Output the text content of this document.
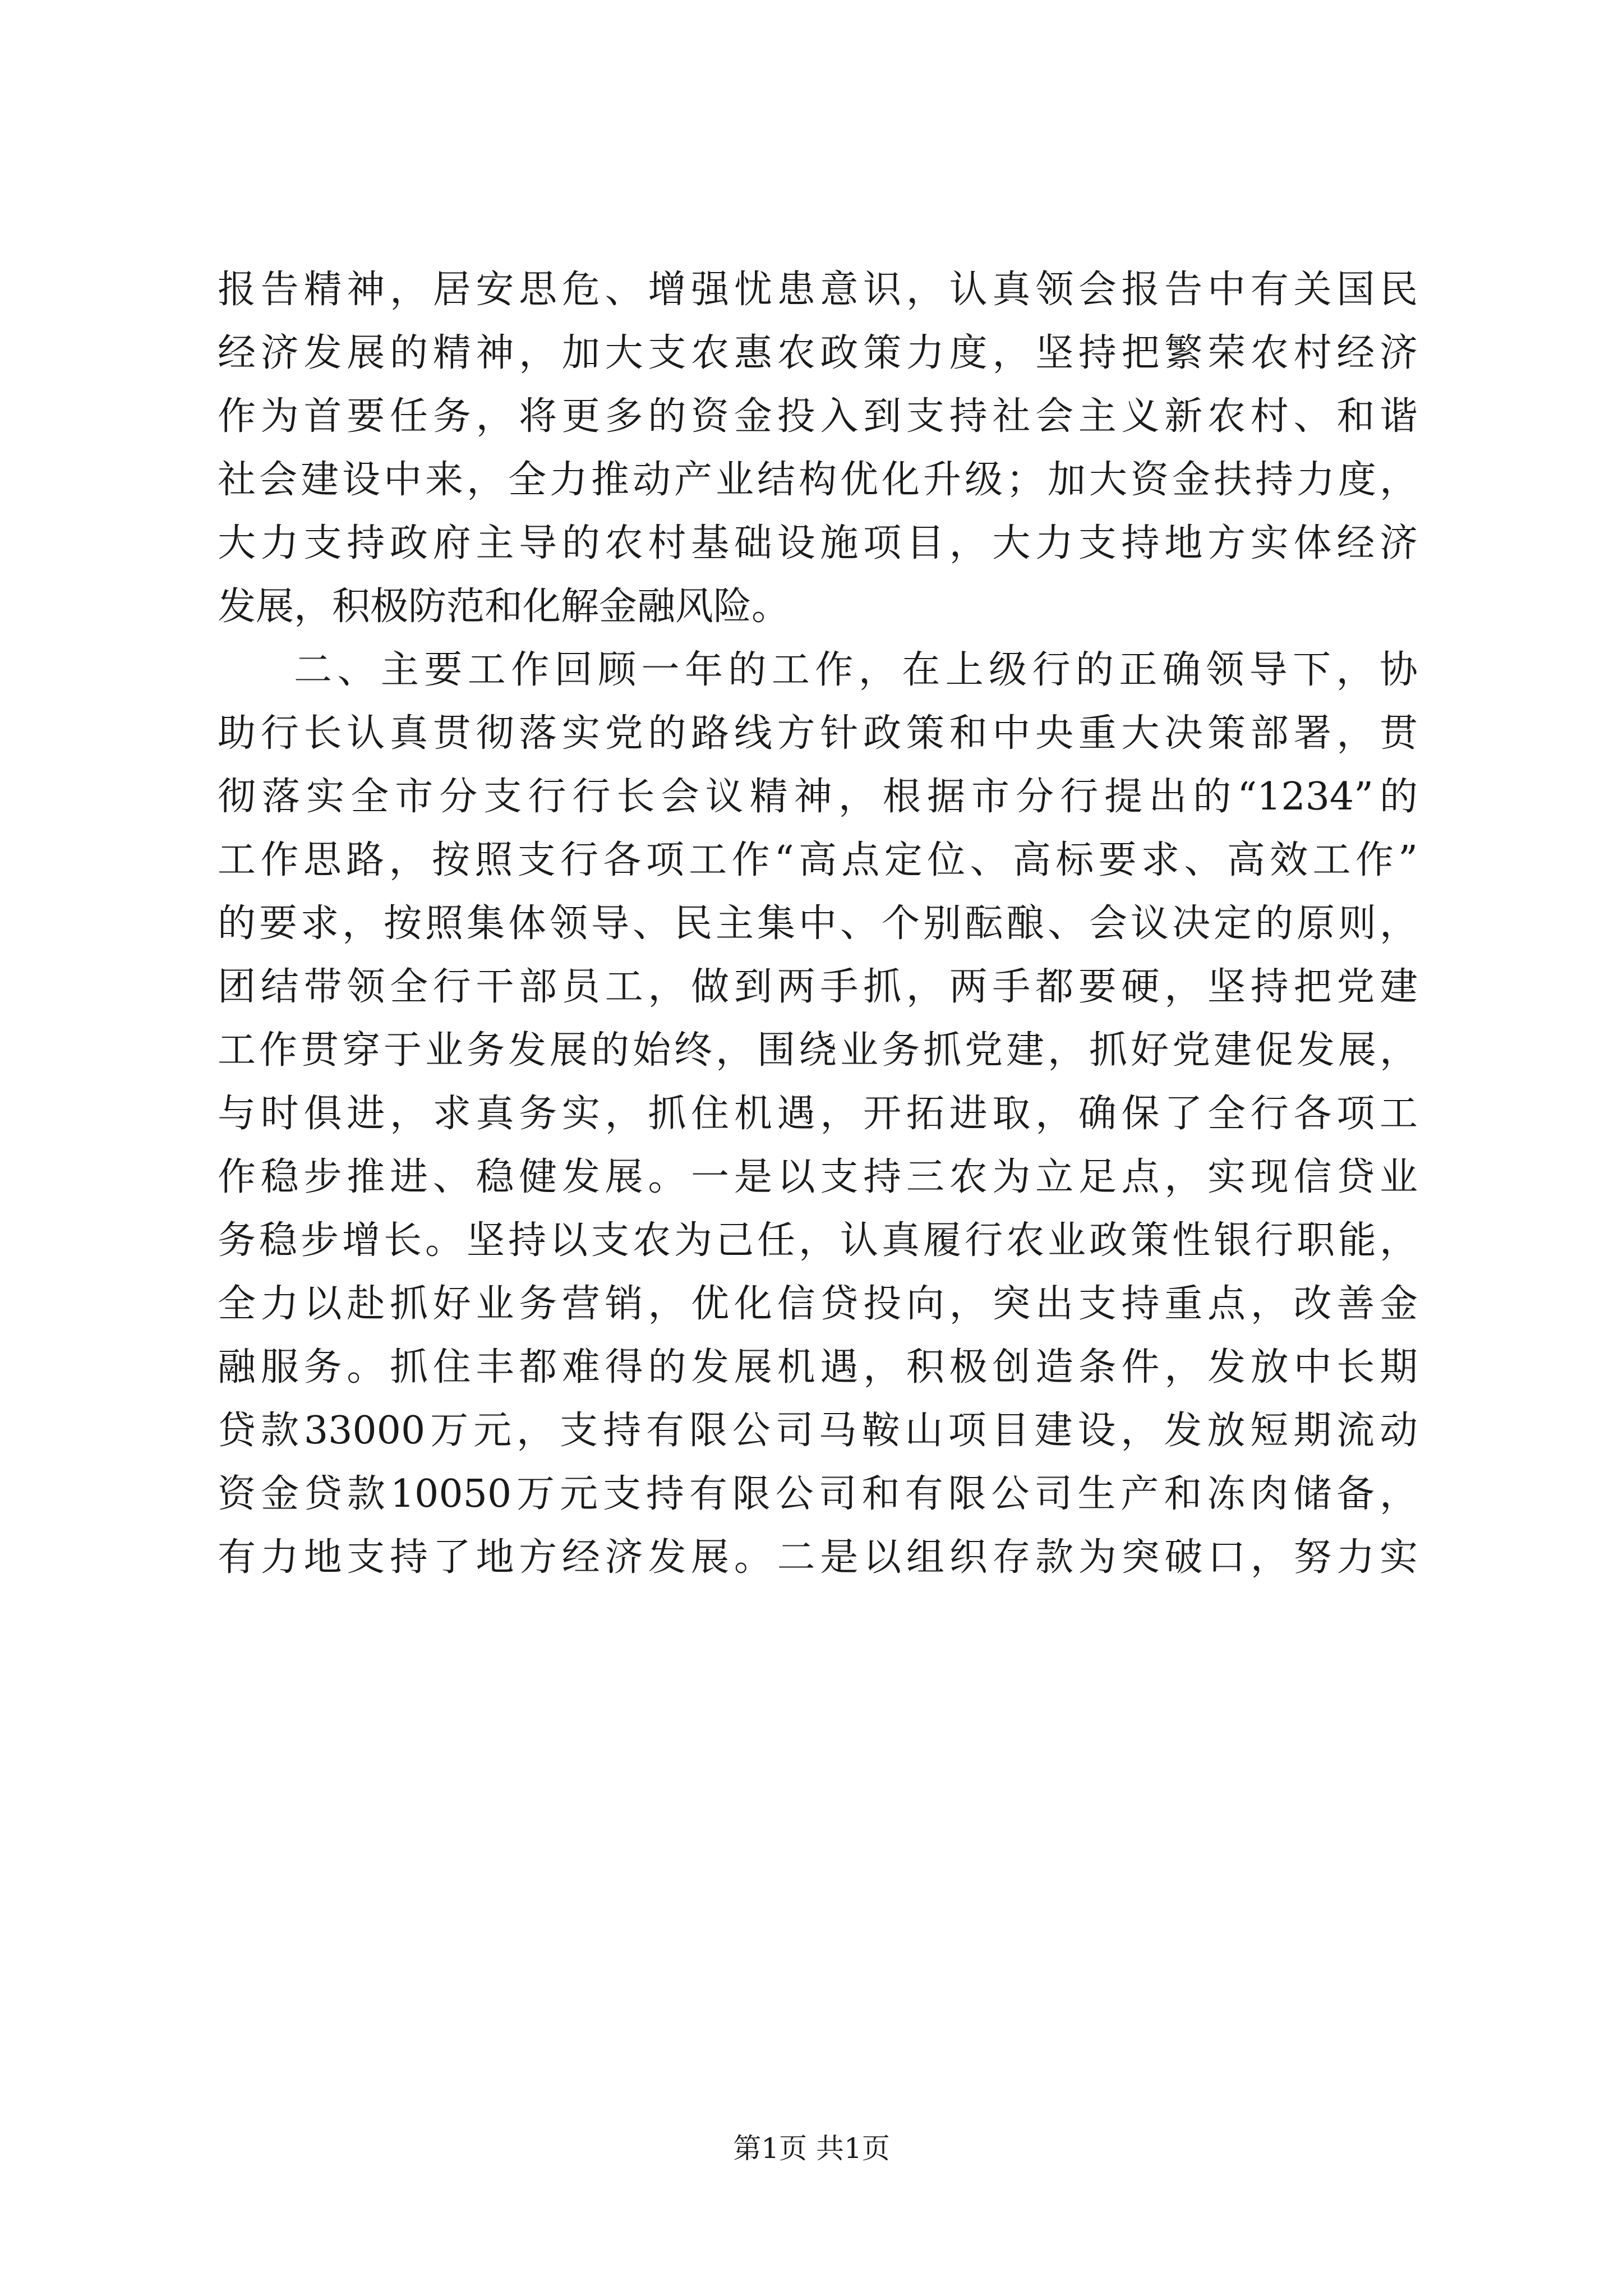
报告精神，居安思危、增强忧患意识，认真领会报告中有关国民
经济发展的精神，加大支农惠农政策力度，坚持把繁荣农村经济
作为首要任务，将更多的资金投入到支持社会主义新农村、和谐
社会建设中来，全力推动产业结构优化升级；加大资金扶持力度，
大力支持政府主导的农村基础设施项目，大力支持地方实体经济
发展，积极防范和化解金融风险。
二、主要工作回顾一年的工作，在上级行的正确领导下，协
助行长认真贯彻落实党的路线方针政策和中央重大决策部署，贯
彻落实全市分支行行长会议精神，根据市分行提出的“1234”的
工作思路，按照支行各项工作“高点定位、高标要求、高效工作”
的要求，按照集体领导、民主集中、个别酝酿、会议决定的原则，
团结带领全行干部员工，做到两手抓，两手都要硬，坚持把党建
工作贯穿于业务发展的始终，围绕业务抓党建，抓好党建促发展，
与时俱进，求真务实，抓住机遇，开拓进取，确保了全行各项工
作稳步推进、稳健发展。一是以支持三农为立足点，实现信贷业
务稳步增长。坚持以支农为己任，认真履行农业政策性银行职能，
全力以赴抓好业务营销，优化信贷投向，突出支持重点，改善金
融服务。抓住丰都难得的发展机遇，积极创造条件，发放中长期
贷款33000万元，支持有限公司马鞍山项目建设，发放短期流动
资金贷款10050万元支持有限公司和有限公司生产和冻肉储备，
有力地支持了地方经济发展。二是以组织存款为突破口，努力实
第1页 共1页
